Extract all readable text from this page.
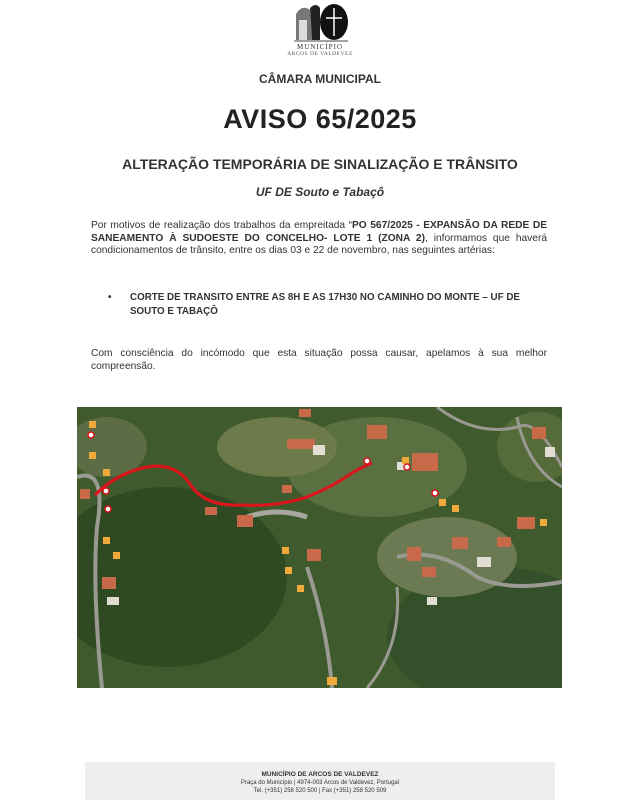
MUNICÍPIO
ARCOS DE VALDEVEZ
CÂMARA MUNICIPAL
AVISO 65/2025
ALTERAÇÃO TEMPORÁRIA DE SINALIZAÇÃO E TRÂNSITO
UF DE Souto e Tabaçô

Por motivos de realização dos trabalhos da empreitada “PO 567/2025 - EXPANSÃO DA REDE DE SANEAMENTO À SUDOESTE DO CONCELHO- LOTE 1 (ZONA 2), informamos que haverá condicionamentos de trânsito, entre os dias 03 e 22 de novembro, nas seguintes artérias:

• CORTE DE TRANSITO ENTRE AS 8H E AS 17H30 NO CAMINHO DO MONTE – UF DE SOUTO E TABAÇÔ

Com consciência do incómodo que esta situação possa causar, apelamos à sua melhor compreensão.

MUNICÍPIO DE ARCOS DE VALDEVEZ
Praça do Município | 4974-003 Arcos de Valdevez, Portugal
Tel. (+351) 258 520 500 | Fax (+351) 258 520 509
